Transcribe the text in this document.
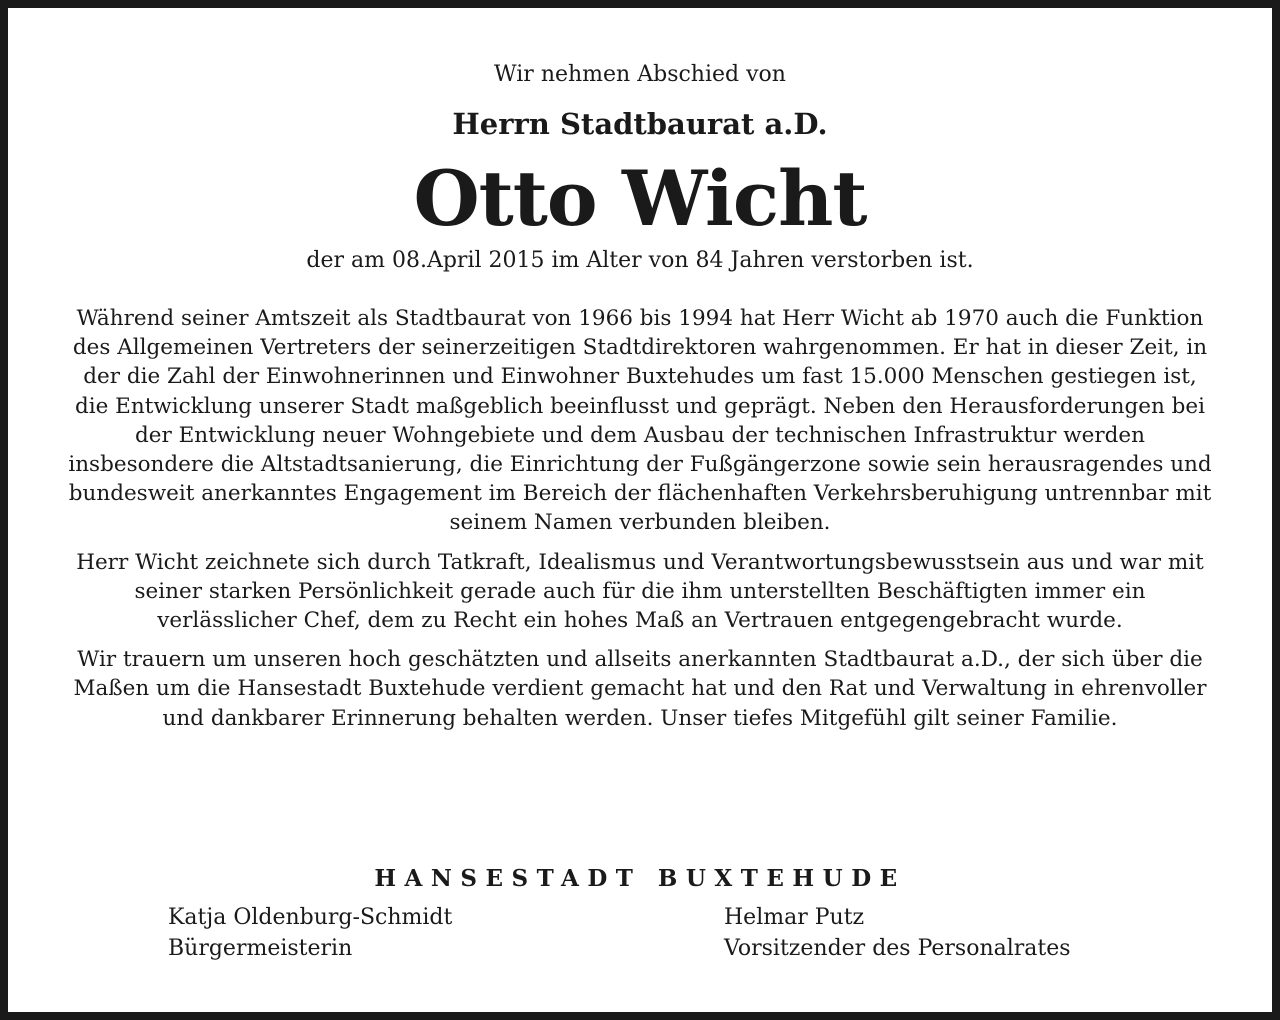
Wir nehmen Abschied von
Herrn Stadtbaurat a.D.
Otto Wicht
der am 08.April 2015 im Alter von 84 Jahren verstorben ist.

Während seiner Amtszeit als Stadtbaurat von 1966 bis 1994 hat Herr Wicht ab 1970 auch die Funktion des Allgemeinen Vertreters der seinerzeitigen Stadtdirektoren wahrgenommen. Er hat in dieser Zeit, in der die Zahl der Einwohnerinnen und Einwohner Buxtehudes um fast 15.000 Menschen gestiegen ist, die Entwicklung unserer Stadt maßgeblich beeinflusst und geprägt. Neben den Herausforderungen bei der Entwicklung neuer Wohngebiete und dem Ausbau der technischen Infrastruktur werden insbesondere die Altstadtsanierung, die Einrichtung der Fußgängerzone sowie sein herausragendes und bundesweit anerkanntes Engagement im Bereich der flächenhaften Verkehrsberuhigung untrennbar mit seinem Namen verbunden bleiben.

Herr Wicht zeichnete sich durch Tatkraft, Idealismus und Verantwortungsbewusstsein aus und war mit seiner starken Persönlichkeit gerade auch für die ihm unterstellten Beschäftigten immer ein verlässlicher Chef, dem zu Recht ein hohes Maß an Vertrauen entgegengebracht wurde.

Wir trauern um unseren hoch geschätzten und allseits anerkannten Stadtbaurat a.D., der sich über die Maßen um die Hansestadt Buxtehude verdient gemacht hat und den Rat und Verwaltung in ehrenvoller und dankbarer Erinnerung behalten werden. Unser tiefes Mitgefühl gilt seiner Familie.

HANSESTADT BUXTEHUDE
Katja Oldenburg-Schmidt
Bürgermeisterin
Helmar Putz
Vorsitzender des Personalrates
